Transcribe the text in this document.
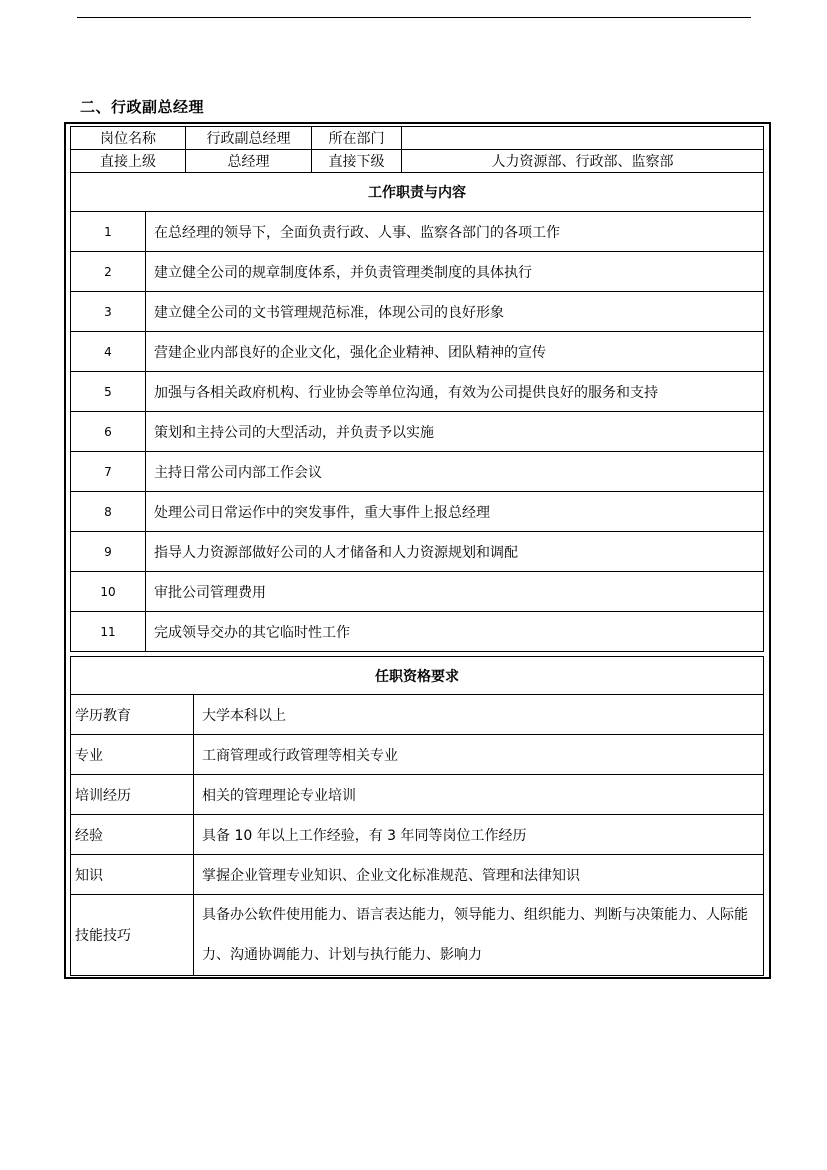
二、行政副总经理
岗位名称		行政副总经理	所在部门	
直接上级		总经理	直接下级	人力资源部、行政部、监察部
工作职责与内容				
1	在总经理的领导下，全面负责行政、人事、监察各部门的各项工作			
2	建立健全公司的规章制度体系，并负责管理类制度的具体执行			
3	建立健全公司的文书管理规范标准，体现公司的良好形象			
4	营建企业内部良好的企业文化，强化企业精神、团队精神的宣传			
5	加强与各相关政府机构、行业协会等单位沟通，有效为公司提供良好的服务和支持			
6	策划和主持公司的大型活动，并负责予以实施			
7	主持日常公司内部工作会议			
8	处理公司日常运作中的突发事件，重大事件上报总经理			
9	指导人力资源部做好公司的人才储备和人力资源规划和调配			
10	审批公司管理费用			
11	完成领导交办的其它临时性工作			
任职资格要求	
学历教育	大学本科以上
专业	工商管理或行政管理等相关专业
培训经历	相关的管理理论专业培训
经验	具备 10 年以上工作经验，有 3 年同等岗位工作经历
知识	掌握企业管理专业知识、企业文化标准规范、管理和法律知识
技能技巧	具备办公软件使用能力、语言表达能力，领导能力、组织能力、判断与决策能力、人际能力、沟通协调能力、计划与执行能力、影响力
